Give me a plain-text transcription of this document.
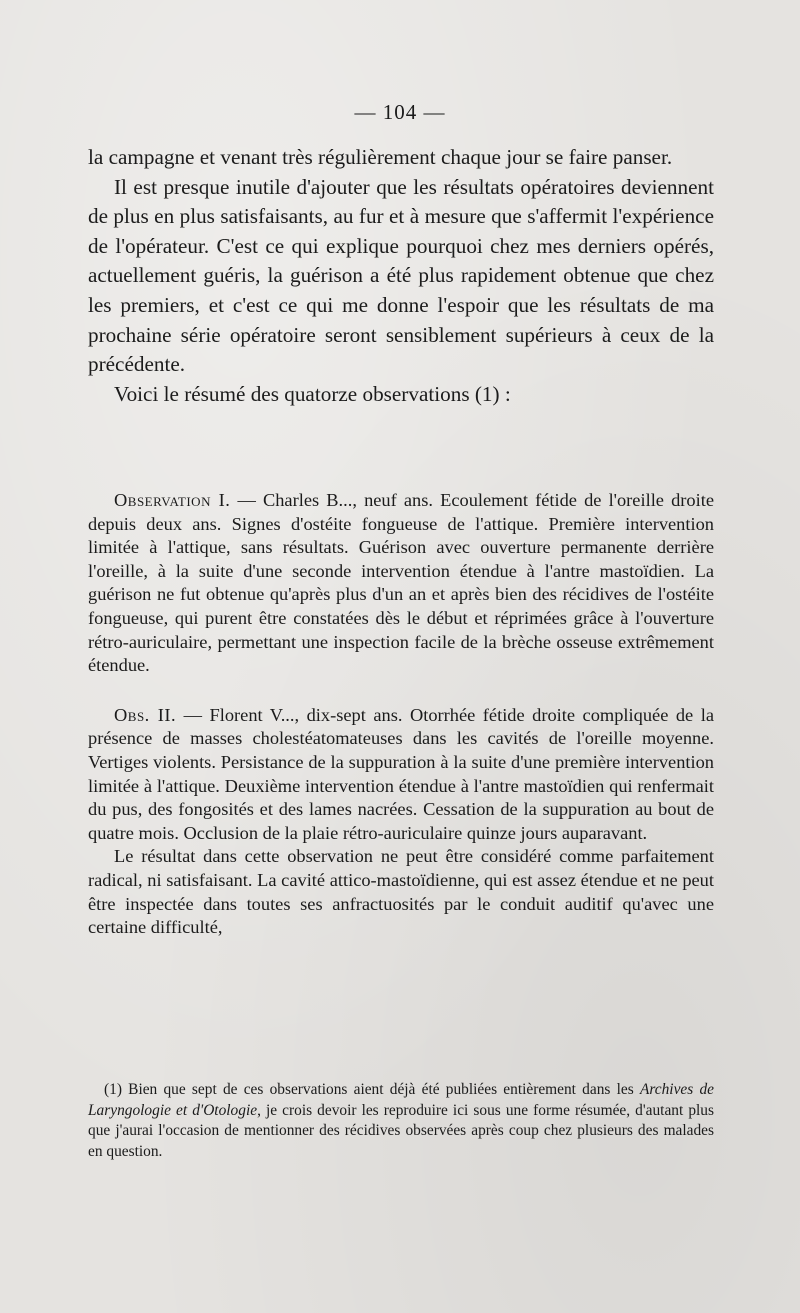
— 104 —

la campagne et venant très régulièrement chaque jour se faire panser.

Il est presque inutile d'ajouter que les résultats opératoires deviennent de plus en plus satisfaisants, au fur et à mesure que s'affermit l'expérience de l'opérateur. C'est ce qui explique pourquoi chez mes derniers opérés, actuellement guéris, la guérison a été plus rapidement obtenue que chez les premiers, et c'est ce qui me donne l'espoir que les résultats de ma prochaine série opératoire seront sensiblement supérieurs à ceux de la précédente.

Voici le résumé des quatorze observations (1) :

Observation I. — Charles B..., neuf ans. Ecoulement fétide de l'oreille droite depuis deux ans. Signes d'ostéite fongueuse de l'attique. Première intervention limitée à l'attique, sans résultats. Guérison avec ouverture permanente derrière l'oreille, à la suite d'une seconde intervention étendue à l'antre mastoïdien. La guérison ne fut obtenue qu'après plus d'un an et après bien des récidives de l'ostéite fongueuse, qui purent être constatées dès le début et réprimées grâce à l'ouverture rétro-auriculaire, permettant une inspection facile de la brèche osseuse extrêmement étendue.

Obs. II. — Florent V..., dix-sept ans. Otorrhée fétide droite compliquée de la présence de masses cholestéatomateuses dans les cavités de l'oreille moyenne. Vertiges violents. Persistance de la suppuration à la suite d'une première intervention limitée à l'attique. Deuxième intervention étendue à l'antre mastoïdien qui renfermait du pus, des fongosités et des lames nacrées. Cessation de la suppuration au bout de quatre mois. Occlusion de la plaie rétro-auriculaire quinze jours auparavant.

Le résultat dans cette observation ne peut être considéré comme parfaitement radical, ni satisfaisant. La cavité attico-mastoïdienne, qui est assez étendue et ne peut être inspectée dans toutes ses anfractuosités par le conduit auditif qu'avec une certaine difficulté,

(1) Bien que sept de ces observations aient déjà été publiées entièrement dans les Archives de Laryngologie et d'Otologie, je crois devoir les reproduire ici sous une forme résumée, d'autant plus que j'aurai l'occasion de mentionner des récidives observées après coup chez plusieurs des malades en question.
